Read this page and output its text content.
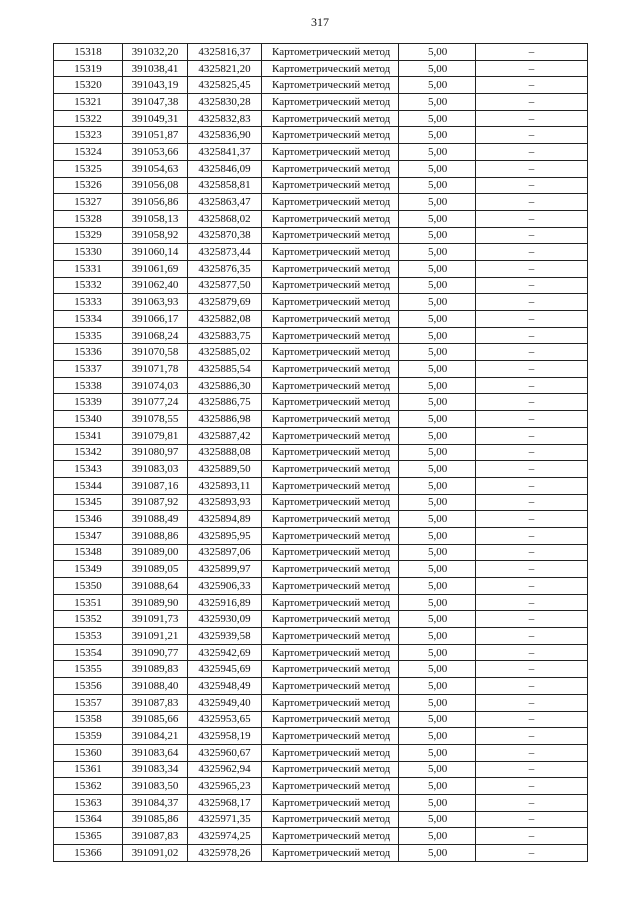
317
15318	391032,20	4325816,37	Картометрический метод	5,00	–
15319	391038,41	4325821,20	Картометрический метод	5,00	–
15320	391043,19	4325825,45	Картометрический метод	5,00	–
15321	391047,38	4325830,28	Картометрический метод	5,00	–
15322	391049,31	4325832,83	Картометрический метод	5,00	–
15323	391051,87	4325836,90	Картометрический метод	5,00	–
15324	391053,66	4325841,37	Картометрический метод	5,00	–
15325	391054,63	4325846,09	Картометрический метод	5,00	–
15326	391056,08	4325858,81	Картометрический метод	5,00	–
15327	391056,86	4325863,47	Картометрический метод	5,00	–
15328	391058,13	4325868,02	Картометрический метод	5,00	–
15329	391058,92	4325870,38	Картометрический метод	5,00	–
15330	391060,14	4325873,44	Картометрический метод	5,00	–
15331	391061,69	4325876,35	Картометрический метод	5,00	–
15332	391062,40	4325877,50	Картометрический метод	5,00	–
15333	391063,93	4325879,69	Картометрический метод	5,00	–
15334	391066,17	4325882,08	Картометрический метод	5,00	–
15335	391068,24	4325883,75	Картометрический метод	5,00	–
15336	391070,58	4325885,02	Картометрический метод	5,00	–
15337	391071,78	4325885,54	Картометрический метод	5,00	–
15338	391074,03	4325886,30	Картометрический метод	5,00	–
15339	391077,24	4325886,75	Картометрический метод	5,00	–
15340	391078,55	4325886,98	Картометрический метод	5,00	–
15341	391079,81	4325887,42	Картометрический метод	5,00	–
15342	391080,97	4325888,08	Картометрический метод	5,00	–
15343	391083,03	4325889,50	Картометрический метод	5,00	–
15344	391087,16	4325893,11	Картометрический метод	5,00	–
15345	391087,92	4325893,93	Картометрический метод	5,00	–
15346	391088,49	4325894,89	Картометрический метод	5,00	–
15347	391088,86	4325895,95	Картометрический метод	5,00	–
15348	391089,00	4325897,06	Картометрический метод	5,00	–
15349	391089,05	4325899,97	Картометрический метод	5,00	–
15350	391088,64	4325906,33	Картометрический метод	5,00	–
15351	391089,90	4325916,89	Картометрический метод	5,00	–
15352	391091,73	4325930,09	Картометрический метод	5,00	–
15353	391091,21	4325939,58	Картометрический метод	5,00	–
15354	391090,77	4325942,69	Картометрический метод	5,00	–
15355	391089,83	4325945,69	Картометрический метод	5,00	–
15356	391088,40	4325948,49	Картометрический метод	5,00	–
15357	391087,83	4325949,40	Картометрический метод	5,00	–
15358	391085,66	4325953,65	Картометрический метод	5,00	–
15359	391084,21	4325958,19	Картометрический метод	5,00	–
15360	391083,64	4325960,67	Картометрический метод	5,00	–
15361	391083,34	4325962,94	Картометрический метод	5,00	–
15362	391083,50	4325965,23	Картометрический метод	5,00	–
15363	391084,37	4325968,17	Картометрический метод	5,00	–
15364	391085,86	4325971,35	Картометрический метод	5,00	–
15365	391087,83	4325974,25	Картометрический метод	5,00	–
15366	391091,02	4325978,26	Картометрический метод	5,00	–
